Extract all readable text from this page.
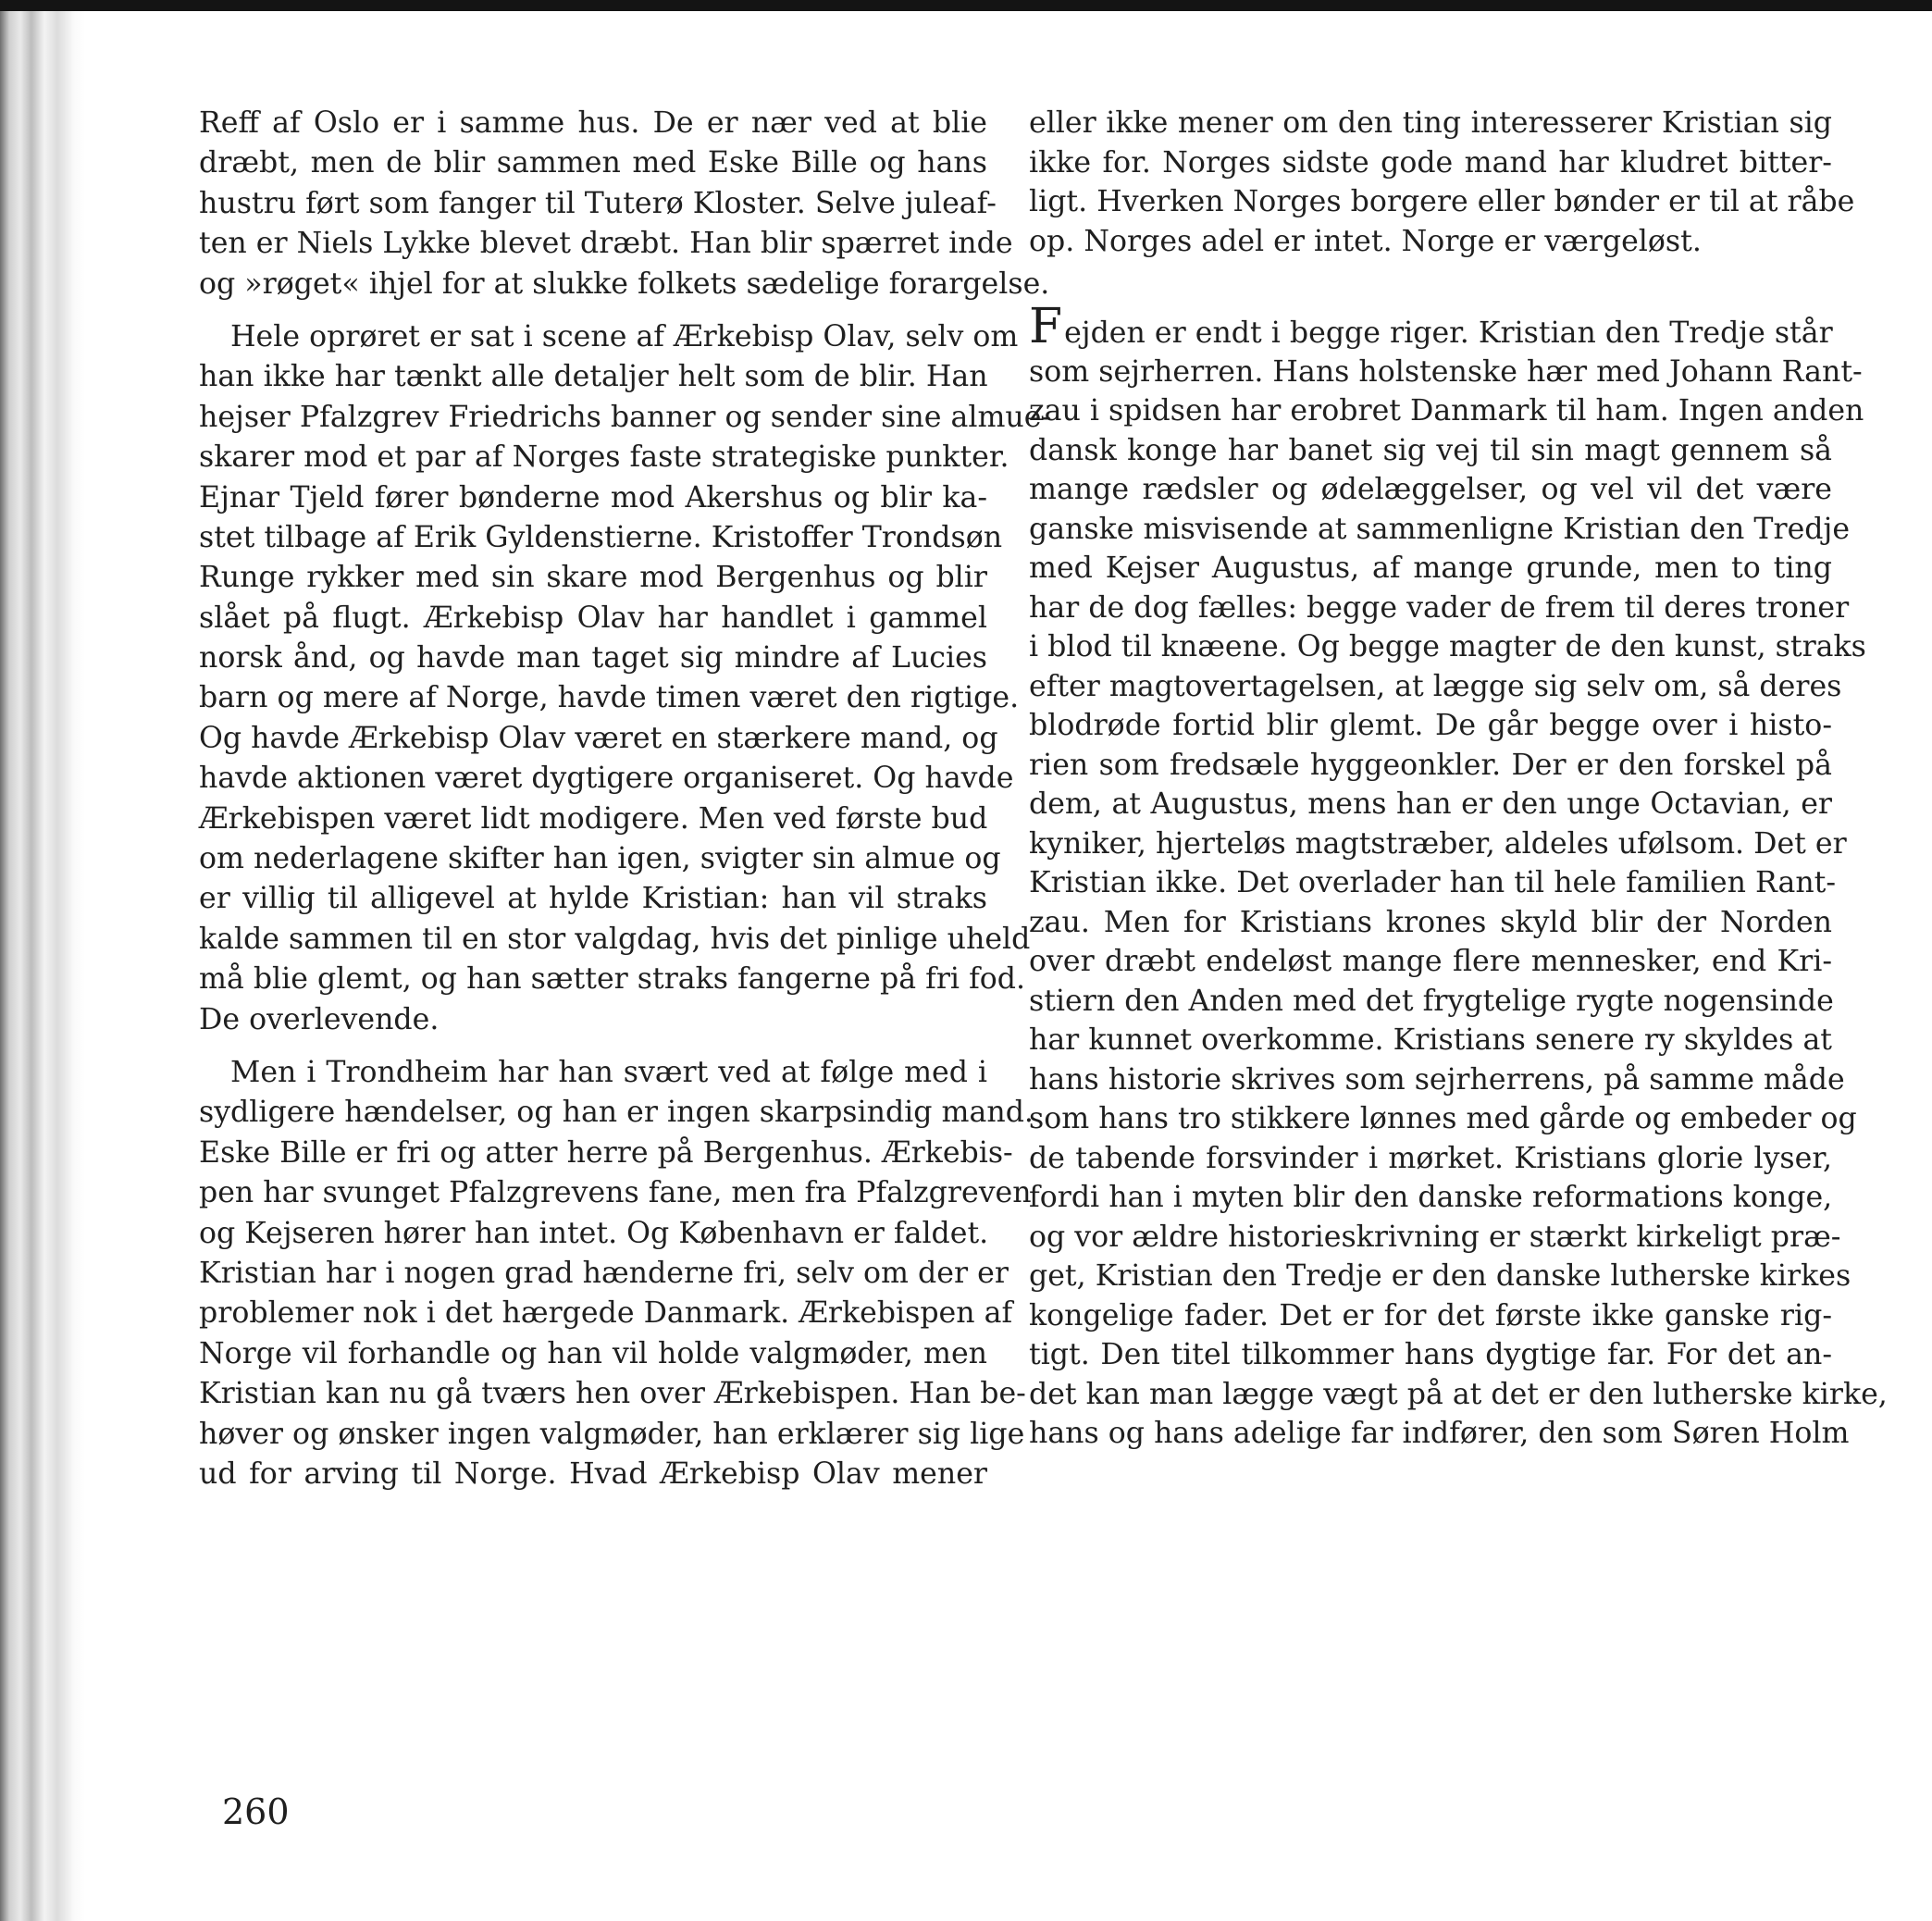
Reff af Oslo er i samme hus. De er nær ved at blie
dræbt, men de blir sammen med Eske Bille og hans
hustru ført som fanger til Tuterø Kloster. Selve juleaf-
ten er Niels Lykke blevet dræbt. Han blir spærret inde
og »røget« ihjel for at slukke folkets sædelige forargelse.
Hele oprøret er sat i scene af Ærkebisp Olav, selv om
han ikke har tænkt alle detaljer helt som de blir. Han
hejser Pfalzgrev Friedrichs banner og sender sine almue-
skarer mod et par af Norges faste strategiske punkter.
Ejnar Tjeld fører bønderne mod Akershus og blir ka-
stet tilbage af Erik Gyldenstierne. Kristoffer Trondsøn
Runge rykker med sin skare mod Bergenhus og blir
slået på flugt. Ærkebisp Olav har handlet i gammel
norsk ånd, og havde man taget sig mindre af Lucies
barn og mere af Norge, havde timen været den rigtige.
Og havde Ærkebisp Olav været en stærkere mand, og
havde aktionen været dygtigere organiseret. Og havde
Ærkebispen været lidt modigere. Men ved første bud
om nederlagene skifter han igen, svigter sin almue og
er villig til alligevel at hylde Kristian: han vil straks
kalde sammen til en stor valgdag, hvis det pinlige uheld
må blie glemt, og han sætter straks fangerne på fri fod.
De overlevende.
Men i Trondheim har han svært ved at følge med i
sydligere hændelser, og han er ingen skarpsindig mand.
Eske Bille er fri og atter herre på Bergenhus. Ærkebis-
pen har svunget Pfalzgrevens fane, men fra Pfalzgreven
og Kejseren hører han intet. Og København er faldet.
Kristian har i nogen grad hænderne fri, selv om der er
problemer nok i det hærgede Danmark. Ærkebispen af
Norge vil forhandle og han vil holde valgmøder, men
Kristian kan nu gå tværs hen over Ærkebispen. Han be-
høver og ønsker ingen valgmøder, han erklærer sig lige
ud for arving til Norge. Hvad Ærkebisp Olav mener
eller ikke mener om den ting interesserer Kristian sig
ikke for. Norges sidste gode mand har kludret bitter-
ligt. Hverken Norges borgere eller bønder er til at råbe
op. Norges adel er intet. Norge er værgeløst.
Fejden er endt i begge riger. Kristian den Tredje står
som sejrherren. Hans holstenske hær med Johann Rant-
zau i spidsen har erobret Danmark til ham. Ingen anden
dansk konge har banet sig vej til sin magt gennem så
mange rædsler og ødelæggelser, og vel vil det være
ganske misvisende at sammenligne Kristian den Tredje
med Kejser Augustus, af mange grunde, men to ting
har de dog fælles: begge vader de frem til deres troner
i blod til knæene. Og begge magter de den kunst, straks
efter magtovertagelsen, at lægge sig selv om, så deres
blodrøde fortid blir glemt. De går begge over i histo-
rien som fredsæle hyggeonkler. Der er den forskel på
dem, at Augustus, mens han er den unge Octavian, er
kyniker, hjerteløs magtstræber, aldeles ufølsom. Det er
Kristian ikke. Det overlader han til hele familien Rant-
zau. Men for Kristians krones skyld blir der Norden
over dræbt endeløst mange flere mennesker, end Kri-
stiern den Anden med det frygtelige rygte nogensinde
har kunnet overkomme. Kristians senere ry skyldes at
hans historie skrives som sejrherrens, på samme måde
som hans tro stikkere lønnes med gårde og embeder og
de tabende forsvinder i mørket. Kristians glorie lyser,
fordi han i myten blir den danske reformations konge,
og vor ældre historieskrivning er stærkt kirkeligt præ-
get, Kristian den Tredje er den danske lutherske kirkes
kongelige fader. Det er for det første ikke ganske rig-
tigt. Den titel tilkommer hans dygtige far. For det an-
det kan man lægge vægt på at det er den lutherske kirke,
hans og hans adelige far indfører, den som Søren Holm
260
